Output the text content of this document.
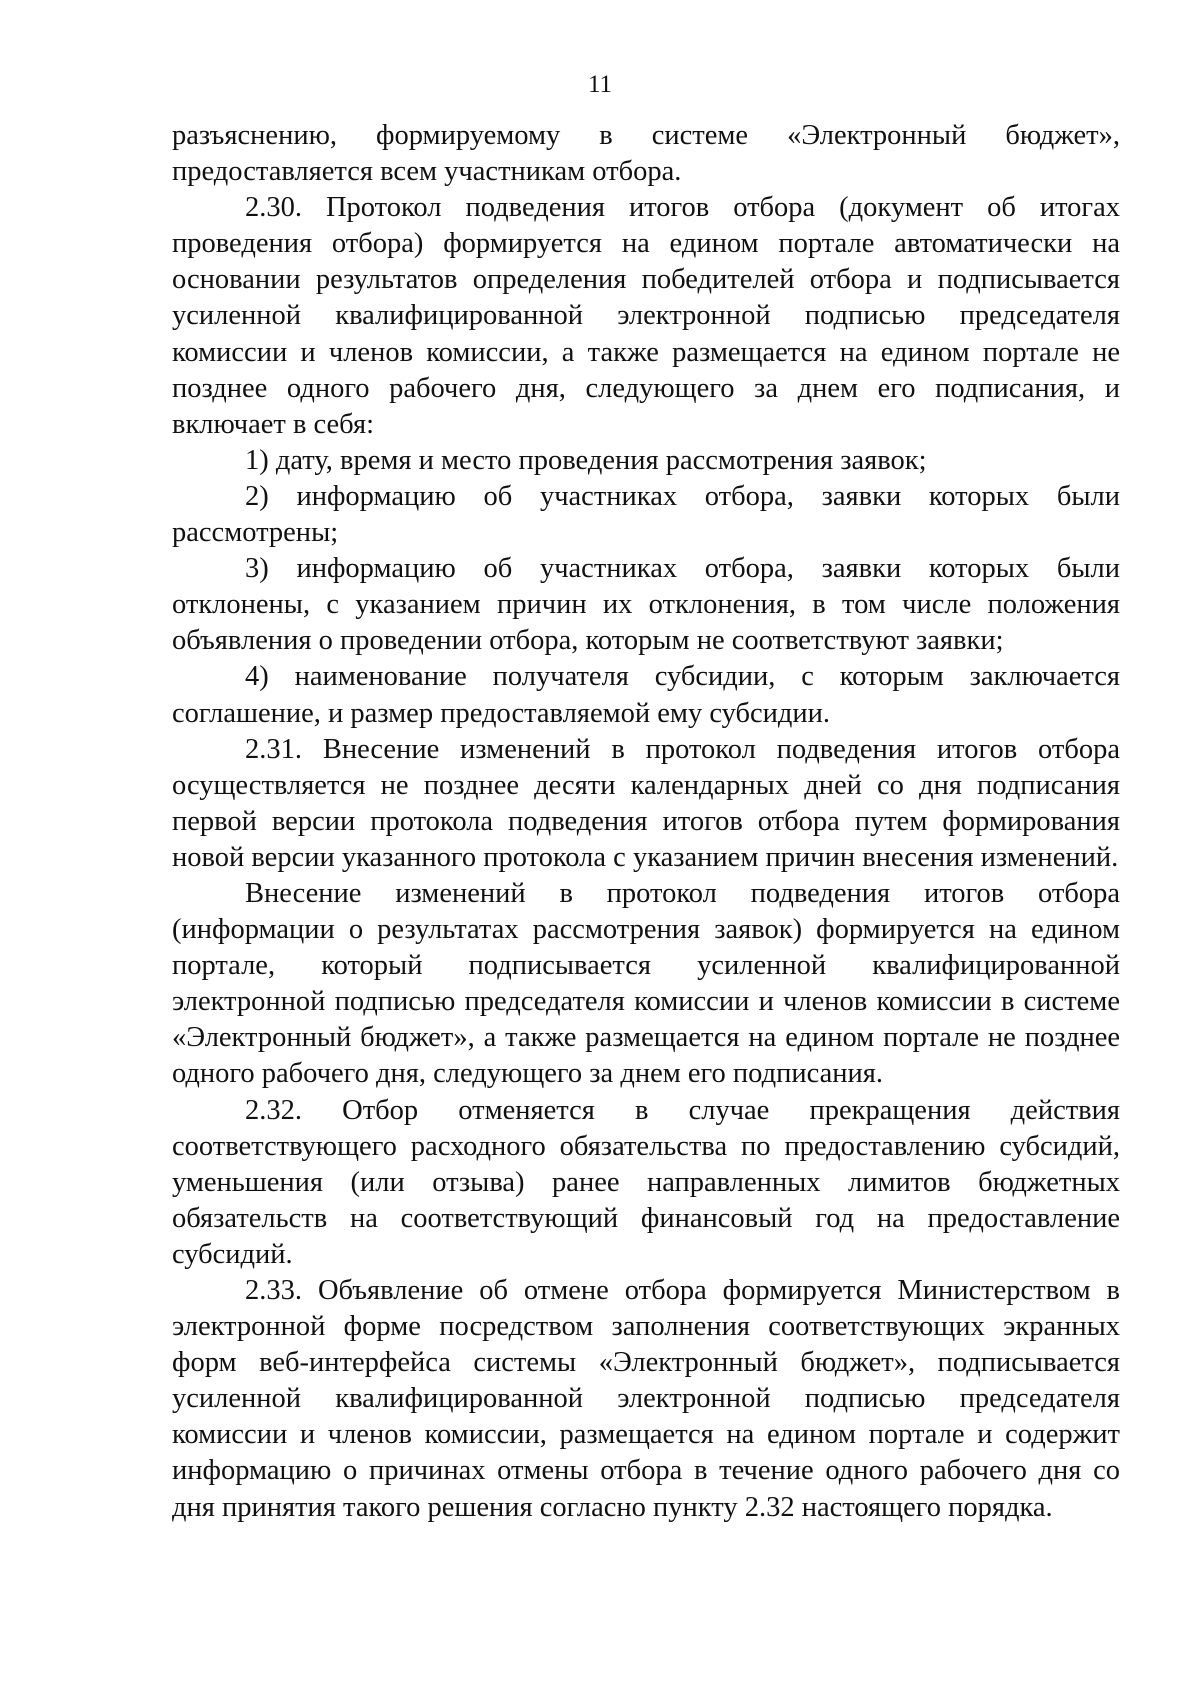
11

разъяснению, формируемому в системе «Электронный бюджет», предоставляется всем участникам отбора.

2.30. Протокол подведения итогов отбора (документ об итогах проведения отбора) формируется на едином портале автоматически на основании результатов определения победителей отбора и подписывается усиленной квалифицированной электронной подписью председателя комиссии и членов комиссии, а также размещается на едином портале не позднее одного рабочего дня, следующего за днем его подписания, и включает в себя:

1) дату, время и место проведения рассмотрения заявок;

2) информацию об участниках отбора, заявки которых были рассмотрены;

3) информацию об участниках отбора, заявки которых были отклонены, с указанием причин их отклонения, в том числе положения объявления о проведении отбора, которым не соответствуют заявки;

4) наименование получателя субсидии, с которым заключается соглашение, и размер предоставляемой ему субсидии.

2.31. Внесение изменений в протокол подведения итогов отбора осуществляется не позднее десяти календарных дней со дня подписания первой версии протокола подведения итогов отбора путем формирования новой версии указанного протокола с указанием причин внесения изменений.

Внесение изменений в протокол подведения итогов отбора (информации о результатах рассмотрения заявок) формируется на едином портале, который подписывается усиленной квалифицированной электронной подписью председателя комиссии и членов комиссии в системе «Электронный бюджет», а также размещается на едином портале не позднее одного рабочего дня, следующего за днем его подписания.

2.32. Отбор отменяется в случае прекращения действия соответствующего расходного обязательства по предоставлению субсидий, уменьшения (или отзыва) ранее направленных лимитов бюджетных обязательств на соответствующий финансовый год на предоставление субсидий.

2.33. Объявление об отмене отбора формируется Министерством в электронной форме посредством заполнения соответствующих экранных форм веб-интерфейса системы «Электронный бюджет», подписывается усиленной квалифицированной электронной подписью председателя комиссии и членов комиссии, размещается на едином портале и содержит информацию о причинах отмены отбора в течение одного рабочего дня со дня принятия такого решения согласно пункту 2.32 настоящего порядка.
